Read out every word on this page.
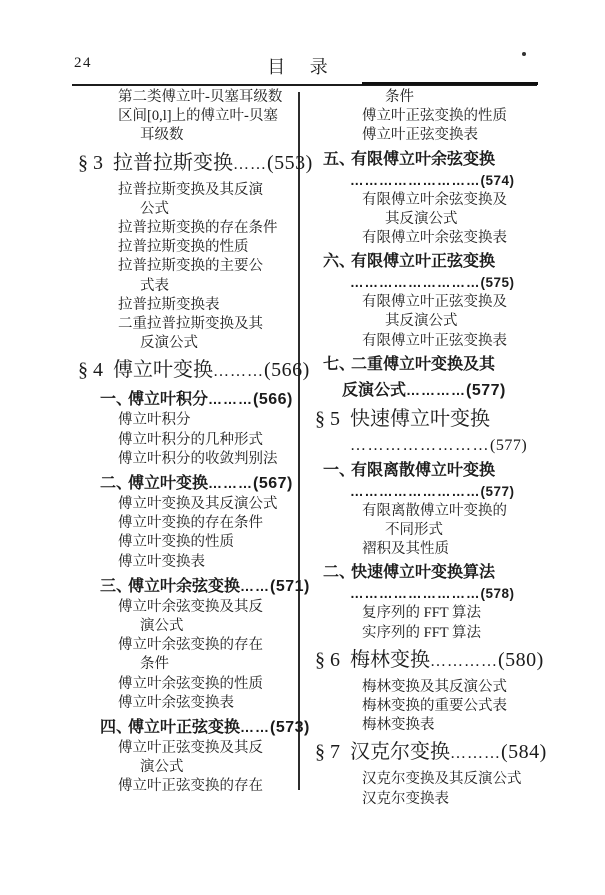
24	目 录
第二类傅立叶-贝塞耳级数
区间[0,l]上的傅立叶-贝塞
耳级数
§ 3 拉普拉斯变换……(553)
拉普拉斯变换及其反演
公式
拉普拉斯变换的存在条件
拉普拉斯变换的性质
拉普拉斯变换的主要公
式表
拉普拉斯变换表
二重拉普拉斯变换及其
反演公式
§ 4 傅立叶变换………(566)
一、傅立叶积分………(566)
傅立叶积分
傅立叶积分的几种形式
傅立叶积分的收敛判别法
二、傅立叶变换………(567)
傅立叶变换及其反演公式
傅立叶变换的存在条件
傅立叶变换的性质
傅立叶变换表
三、傅立叶余弦变换……(571)
傅立叶余弦变换及其反
演公式
傅立叶余弦变换的存在
条件
傅立叶余弦变换的性质
傅立叶余弦变换表
四、傅立叶正弦变换……(573)
傅立叶正弦变换及其反
演公式
傅立叶正弦变换的存在
条件
傅立叶正弦变换的性质
傅立叶正弦变换表
五、有限傅立叶余弦变换
………………………(574)
有限傅立叶余弦变换及
其反演公式
有限傅立叶余弦变换表
六、有限傅立叶正弦变换
………………………(575)
有限傅立叶正弦变换及
其反演公式
有限傅立叶正弦变换表
七、二重傅立叶变换及其
反演公式…………(577)
§ 5 快速傅立叶变换
……………………(577)
一、有限离散傅立叶变换
………………………(577)
有限离散傅立叶变换的
不同形式
褶积及其性质
二、快速傅立叶变换算法
………………………(578)
复序列的 FFT 算法
实序列的 FFT 算法
§ 6 梅林变换…………(580)
梅林变换及其反演公式
梅林变换的重要公式表
梅林变换表
§ 7 汉克尔变换………(584)
汉克尔变换及其反演公式
汉克尔变换表
